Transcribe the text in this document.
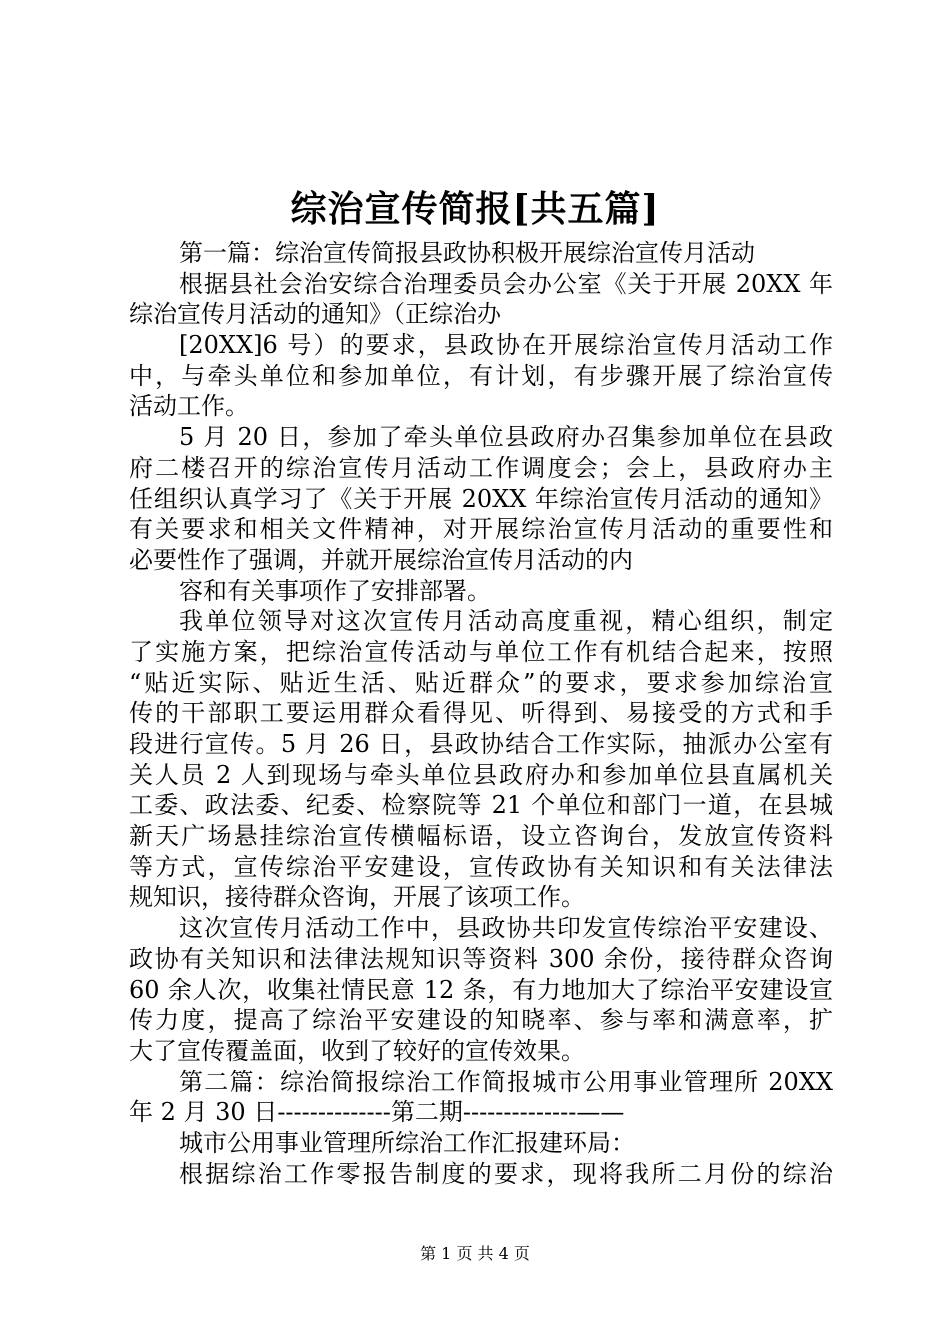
综治宣传简报[共五篇]
第一篇：综治宣传简报县政协积极开展综治宣传月活动
根据县社会治安综合治理委员会办公室《关于开展 20XX 年
综治宣传月活动的通知》（正综治办
[20XX]6 号）的要求，县政协在开展综治宣传月活动工作
中，与牵头单位和参加单位，有计划，有步骤开展了综治宣传
活动工作。
5 月 20 日，参加了牵头单位县政府办召集参加单位在县政
府二楼召开的综治宣传月活动工作调度会；会上，县政府办主
任组织认真学习了《关于开展 20XX 年综治宣传月活动的通知》
有关要求和相关文件精神，对开展综治宣传月活动的重要性和
必要性作了强调，并就开展综治宣传月活动的内
容和有关事项作了安排部署。
我单位领导对这次宣传月活动高度重视，精心组织，制定
了实施方案，把综治宣传活动与单位工作有机结合起来，按照
“贴近实际、贴近生活、贴近群众”的要求，要求参加综治宣
传的干部职工要运用群众看得见、听得到、易接受的方式和手
段进行宣传。5 月 26 日，县政协结合工作实际，抽派办公室有
关人员 2 人到现场与牵头单位县政府办和参加单位县直属机关
工委、政法委、纪委、检察院等 21 个单位和部门一道，在县城
新天广场悬挂综治宣传横幅标语，设立咨询台，发放宣传资料
等方式，宣传综治平安建设，宣传政协有关知识和有关法律法
规知识，接待群众咨询，开展了该项工作。
这次宣传月活动工作中，县政协共印发宣传综治平安建设、
政协有关知识和法律法规知识等资料 300 余份，接待群众咨询
60 余人次，收集社情民意 12 条，有力地加大了综治平安建设宣
传力度，提高了综治平安建设的知晓率、参与率和满意率，扩
大了宣传覆盖面，收到了较好的宣传效果。
第二篇：综治简报综治工作简报城市公用事业管理所 20XX
年 2 月 30 日--------------第二期--------------——
城市公用事业管理所综治工作汇报建环局：
根据综治工作零报告制度的要求，现将我所二月份的综治
第 1 页 共 4 页
